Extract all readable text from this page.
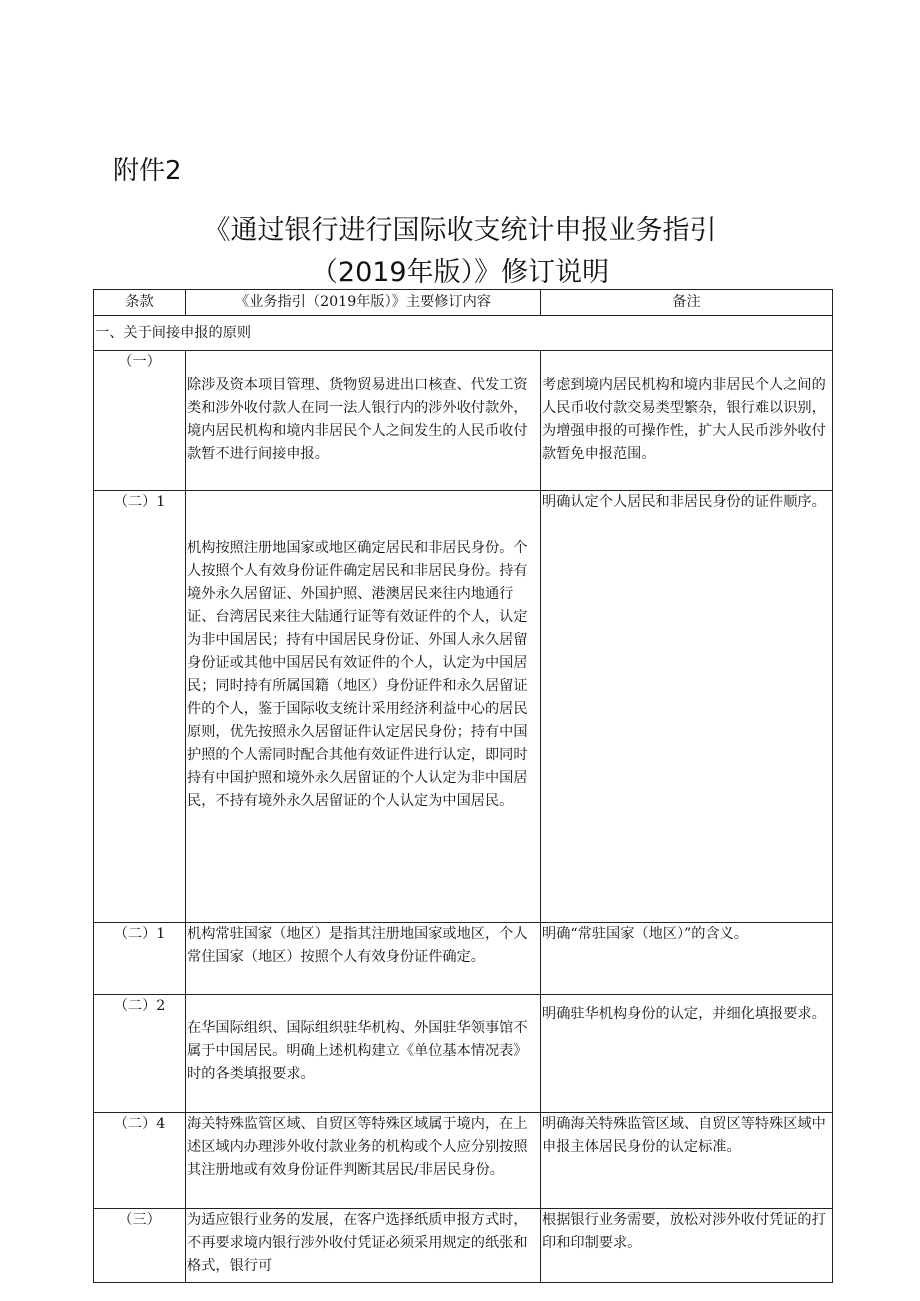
附件2
《通过银行进行国际收支统计申报业务指引
（2019年版）》修订说明
条款	《业务指引（2019年版）》主要修订内容	备注
一、关于间接申报的原则		
（一）	除涉及资本项目管理、货物贸易进出口核查、代发工资类和涉外收付款人在同一法人银行内的涉外收付款外，境内居民机构和境内非居民个人之间发生的人民币收付款暂不进行间接申报。	考虑到境内居民机构和境内非居民个人之间的人民币收付款交易类型繁杂，银行难以识别，为增强申报的可操作性，扩大人民币涉外收付款暂免申报范围。
（二）1	机构按照注册地国家或地区确定居民和非居民身份。个人按照个人有效身份证件确定居民和非居民身份。持有境外永久居留证、外国护照、港澳居民来往内地通行证、台湾居民来往大陆通行证等有效证件的个人，认定为非中国居民；持有中国居民身份证、外国人永久居留身份证或其他中国居民有效证件的个人，认定为中国居民；同时持有所属国籍（地区）身份证件和永久居留证件的个人，鉴于国际收支统计采用经济利益中心的居民原则，优先按照永久居留证件认定居民身份；持有中国护照的个人需同时配合其他有效证件进行认定，即同时持有中国护照和境外永久居留证的个人认定为非中国居民，不持有境外永久居留证的个人认定为中国居民。	明确认定个人居民和非居民身份的证件顺序。
（二）1	机构常驻国家（地区）是指其注册地国家或地区，个人常住国家（地区）按照个人有效身份证件确定。	明确“常驻国家（地区）”的含义。
（二）2	在华国际组织、国际组织驻华机构、外国驻华领事馆不属于中国居民。明确上述机构建立《单位基本情况表》时的各类填报要求。	明确驻华机构身份的认定，并细化填报要求。
（二）4	海关特殊监管区域、自贸区等特殊区域属于境内，在上述区域内办理涉外收付款业务的机构或个人应分别按照其注册地或有效身份证件判断其居民/非居民身份。	明确海关特殊监管区域、自贸区等特殊区域中申报主体居民身份的认定标准。
（三）	为适应银行业务的发展，在客户选择纸质申报方式时，不再要求境内银行涉外收付凭证必须采用规定的纸张和格式，银行可	根据银行业务需要，放松对涉外收付凭证的打印和印制要求。
